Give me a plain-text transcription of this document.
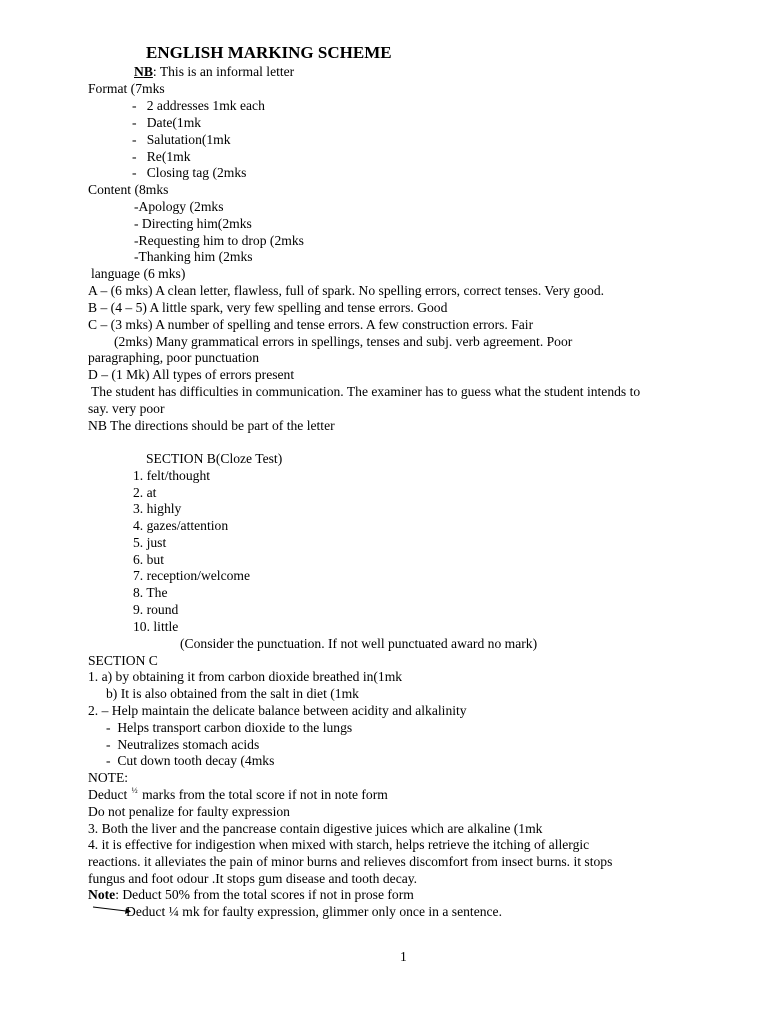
ENGLISH MARKING SCHEME
NB: This is an informal letter
Format (7mks
-   2 addresses 1mk each
-   Date(1mk
-   Salutation(1mk
-   Re(1mk
-   Closing tag (2mks
Content (8mks
-Apology (2mks
- Directing him(2mks
-Requesting him to drop (2mks
-Thanking him (2mks
language (6 mks)
A – (6 mks) A clean letter, flawless, full of spark. No spelling errors, correct tenses. Very good.
B – (4 – 5) A little spark, very few spelling and tense errors. Good
C – (3 mks) A number of spelling and tense errors. A few construction errors. Fair
(2mks) Many grammatical errors in spellings, tenses and subj. verb agreement. Poor
paragraphing, poor punctuation
D – (1 Mk) All types of errors present
The student has difficulties in communication. The examiner has to guess what the student intends to
say. very poor
NB The directions should be part of the letter
SECTION B(Cloze Test)
1. felt/thought
2. at
3. highly
4. gazes/attention
5. just
6. but
7. reception/welcome
8. The
9. round
10. little
(Consider the punctuation. If not well punctuated award no mark)
SECTION C
1. a) by obtaining it from carbon dioxide breathed in(1mk
b) It is also obtained from the salt in diet (1mk
2. – Help maintain the delicate balance between acidity and alkalinity
-  Helps transport carbon dioxide to the lungs
-  Neutralizes stomach acids
-  Cut down tooth decay (4mks
NOTE:
Deduct $^{\frac{1}{2}}$ marks from the total score if not in note form
Do not penalize for faulty expression
3. Both the liver and the pancrease contain digestive juices which are alkaline (1mk
4. it is effective for indigestion when mixed with starch, helps retrieve the itching of allergic
reactions. it alleviates the pain of minor burns and relieves discomfort from insect burns. it stops
fungus and foot odour .It stops gum disease and tooth decay.
Note: Deduct 50% from the total scores if not in prose form
Deduct ¼ mk for faulty expression, glimmer only once in a sentence.
1
